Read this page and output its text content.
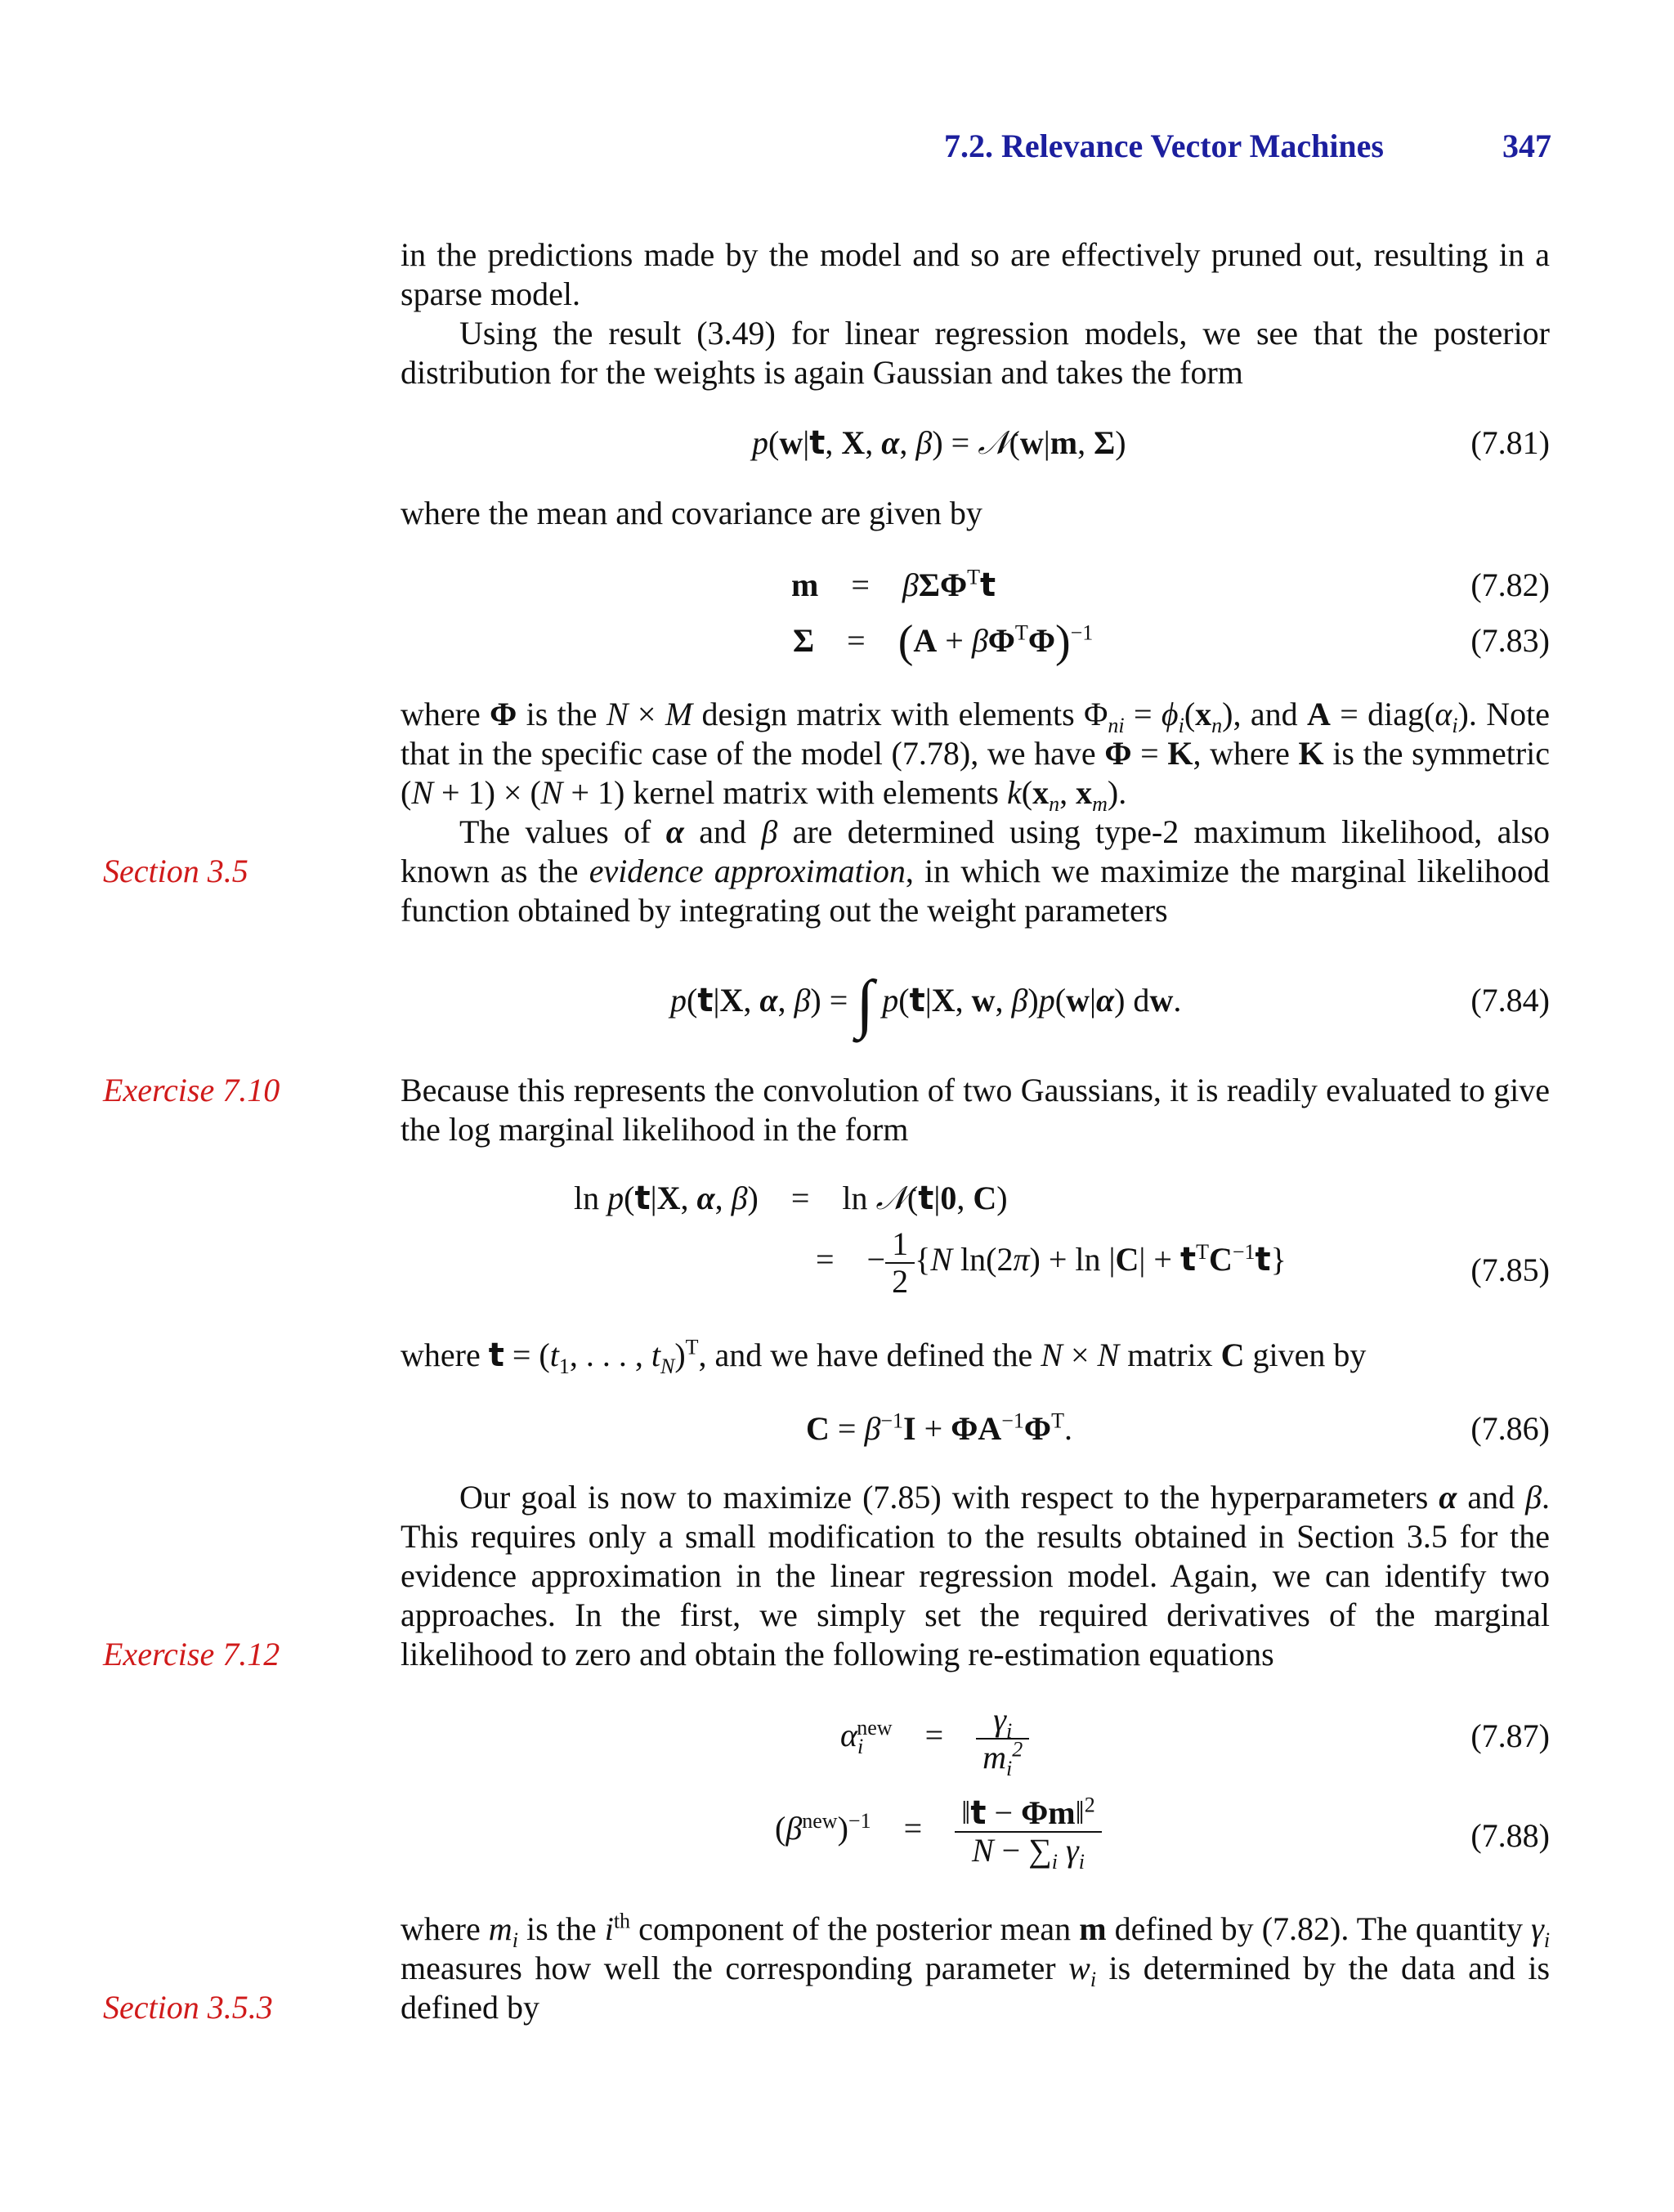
7.2. Relevance Vector Machines	347
Section 3.5
Exercise 7.10
Exercise 7.12
Section 3.5.3

in the predictions made by the model and so are effectively pruned out, resulting in a sparse model.

Using the result (3.49) for linear regression models, we see that the posterior distribution for the weights is again Gaussian and takes the form

p(w|t, X, α, β) = 𝒩(w|m, Σ)	(7.81)

where the mean and covariance are given by

m    =    βΣΦ$^T$t	(7.82)
Σ    =    $(A + \beta\Phi^T\Phi)^{-1}$	(7.83)

where Φ is the N × M design matrix with elements $\Phi_{ni} = \phi_i(x_n)$, and $A = diag(\alpha_i)$. Note that in the specific case of the model (7.78), we have Φ = K, where K is the symmetric (N + 1) × (N + 1) kernel matrix with elements $k(x_n$, $x_m$).

The values of α and β are determined using type-2 maximum likelihood, also known as the evidence approximation, in which we maximize the marginal likelihood function obtained by integrating out the weight parameters

p(t|X, α, β) = ∫ p(t|X, w, β)p(w|α) dw.	(7.84)

Because this represents the convolution of two Gaussians, it is readily evaluated to give the log marginal likelihood in the form

ln p(t|X, α, β)    =    ln 𝒩(t|0, C)
=    − $\frac{1}{2} \{N$ $\ln(2\pi) + \ln |C| + t^TC^{-1}t$}	(7.85)

where $t = (t_1$, . . . , $t_N)^T$, and we have defined the N × N matrix C given by

$C = \beta^{-1}I + \Phi A^{-1}\Phi^T$.	(7.86)

Our goal is now to maximize (7.85) with respect to the hyperparameters α and β. This requires only a small modification to the results obtained in Section 3.5 for the evidence approximation in the linear regression model. Again, we can identify two approaches. In the first, we simply set the required derivatives of the marginal likelihood to zero and obtain the following re-estimation equations

$\alpha_i^{new}$    = $\frac{\gamma_i}{m_i^2}$	(7.87)
$(\beta^{new})^{-1}$    = $\frac{‖t - \Phi m‖^2}{N - \sum_i \gamma_i}$	(7.88)

where $m_i$ is the $i^{th}$ component of the posterior mean m defined by (7.82). The quantity $\gamma_i$ measures how well the corresponding parameter $w_i$ is determined by the data and is defined by
